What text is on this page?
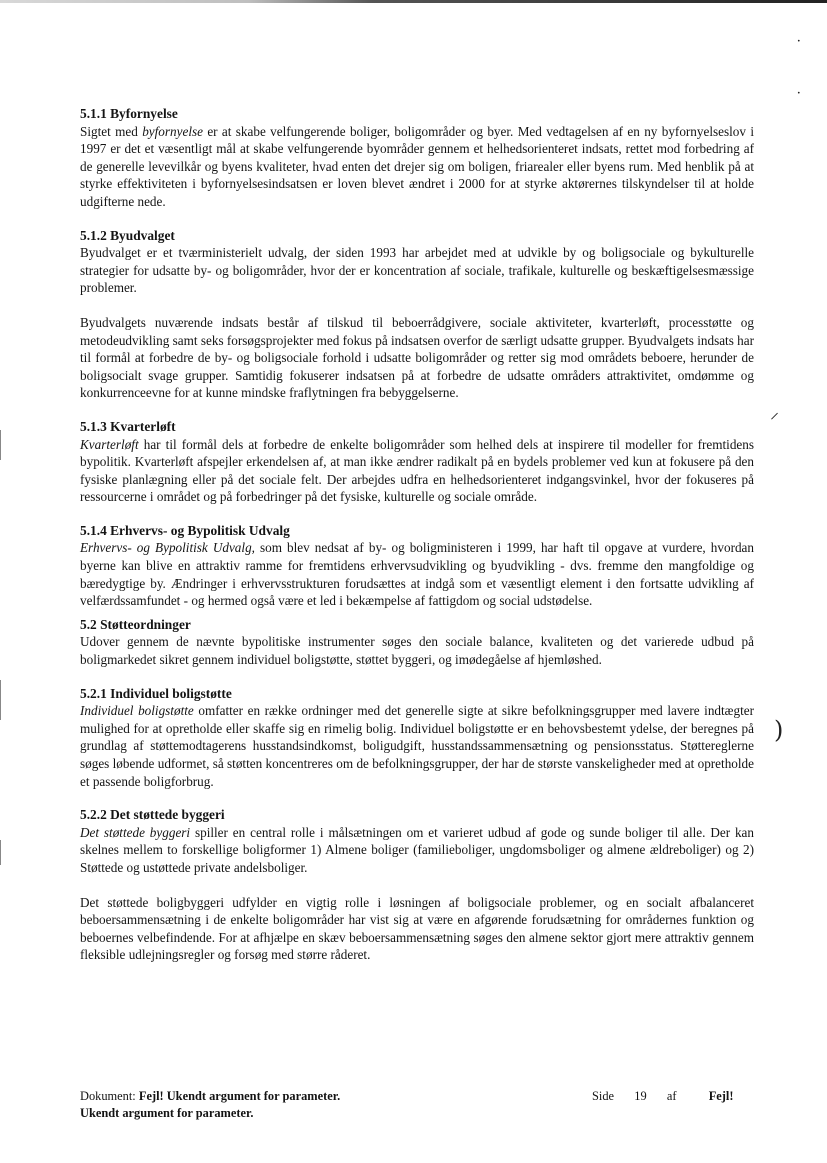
⸝
)
•
•
5.1.1 Byfornyelse

Sigtet med byfornyelse er at skabe velfungerende boliger, boligområder og byer. Med vedtagelsen af en ny byfornyelseslov i 1997 er det et væsentligt mål at skabe velfungerende byområder gennem et helhedsorienteret indsats, rettet mod forbedring af de generelle levevilkår og byens kvaliteter, hvad enten det drejer sig om boligen, friarealer eller byens rum. Med henblik på at styrke effektiviteten i byfornyelsesindsatsen er loven blevet ændret i 2000 for at styrke aktørernes tilskyndelser til at holde udgifterne nede.

5.1.2 Byudvalget

Byudvalget er et tværministerielt udvalg, der siden 1993 har arbejdet med at udvikle by og boligsociale og bykulturelle strategier for udsatte by- og boligområder, hvor der er koncentration af sociale, trafikale, kulturelle og beskæftigelsesmæssige problemer.

Byudvalgets nuværende indsats består af tilskud til beboerrådgivere, sociale aktiviteter, kvarterløft, processtøtte og metodeudvikling samt seks forsøgsprojekter med fokus på indsatsen overfor de særligt udsatte grupper. Byudvalgets indsats har til formål at forbedre de by- og boligsociale forhold i udsatte boligområder og retter sig mod områdets beboere, herunder de boligsocialt svage grupper. Samtidig fokuserer indsatsen på at forbedre de udsatte områders attraktivitet, omdømme og konkurrenceevne for at kunne mindske fraflytningen fra bebyggelserne.

5.1.3 Kvarterløft

Kvarterløft har til formål dels at forbedre de enkelte boligområder som helhed dels at inspirere til modeller for fremtidens bypolitik. Kvarterløft afspejler erkendelsen af, at man ikke ændrer radikalt på en bydels problemer ved kun at fokusere på den fysiske planlægning eller på det sociale felt. Der arbejdes udfra en helhedsorienteret indgangsvinkel, hvor der fokuseres på ressourcerne i området og på forbedringer på det fysiske, kulturelle og sociale område.

5.1.4 Erhvervs- og Bypolitisk Udvalg

Erhvervs- og Bypolitisk Udvalg, som blev nedsat af by- og boligministeren i 1999, har haft til opgave at vurdere, hvordan byerne kan blive en attraktiv ramme for fremtidens erhvervsudvikling og byudvikling - dvs. fremme den mangfoldige og bæredygtige by. Ændringer i erhvervsstrukturen forudsættes at indgå som et væsentligt element i den fortsatte udvikling af velfærdssamfundet - og hermed også være et led i bekæmpelse af fattigdom og social udstødelse.

5.2 Støtteordninger

Udover gennem de nævnte bypolitiske instrumenter søges den sociale balance, kvaliteten og det varierede udbud på boligmarkedet sikret gennem individuel boligstøtte, støttet byggeri, og imødegåelse af hjemløshed.

5.2.1 Individuel boligstøtte

Individuel boligstøtte omfatter en række ordninger med det generelle sigte at sikre befolkningsgrupper med lavere indtægter mulighed for at opretholde eller skaffe sig en rimelig bolig. Individuel boligstøtte er en behovsbestemt ydelse, der beregnes på grundlag af støttemodtagerens husstandsindkomst, boligudgift, husstandssammensætning og pensionsstatus. Støttereglerne søges løbende udformet, så støtten koncentreres om de befolkningsgrupper, der har de største vanskeligheder med at opretholde et passende boligforbrug.

5.2.2 Det støttede byggeri

Det støttede byggeri spiller en central rolle i målsætningen om et varieret udbud af gode og sunde boliger til alle. Der kan skelnes mellem to forskellige boligformer 1) Almene boliger (familieboliger, ungdomsboliger og almene ældreboliger) og 2) Støttede og ustøttede private andelsboliger.

Det støttede boligbyggeri udfylder en vigtig rolle i løsningen af boligsociale problemer, og en socialt afbalanceret beboersammensætning i de enkelte boligområder har vist sig at være en afgørende forudsætning for områdernes funktion og beboernes velbefindende. For at afhjælpe en skæv beboersammensætning søges den almene sektor gjort mere attraktiv gennem fleksible udlejningsregler og forsøg med større råderet.

Dokument: Fejl! Ukendt argument for parameter.
Ukendt argument for parameter.
Side 19 af	Fejl!
